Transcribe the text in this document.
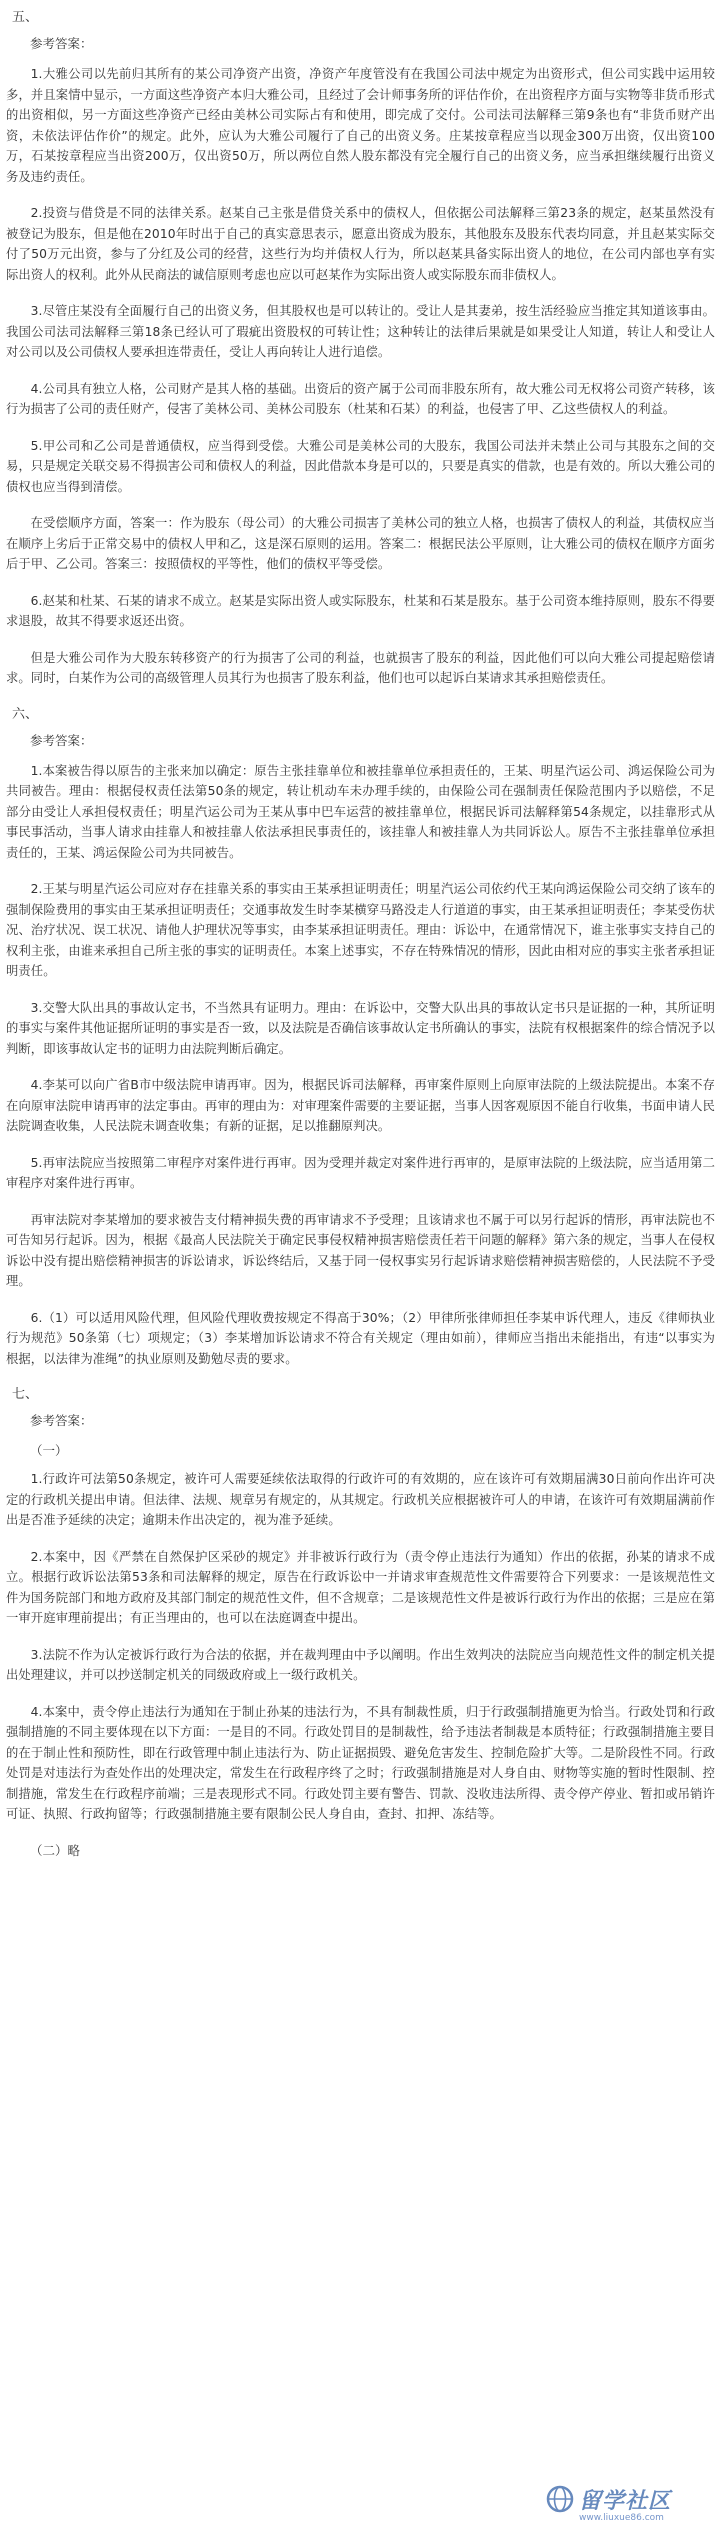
五、
参考答案：

1.大雅公司以先前归其所有的某公司净资产出资，净资产年度管没有在我国公司法中规定为出资形式，但公司实践中运用较多，并且案情中显示，一方面这些净资产本归大雅公司，且经过了会计师事务所的评估作价，在出资程序方面与实物等非货币形式的出资相似，另一方面这些净资产已经由美林公司实际占有和使用，即完成了交付。公司法司法解释三第9条也有“非货币财产出资，未依法评估作价”的规定。此外，应认为大雅公司履行了自己的出资义务。庄某按章程应当以现金300万出资，仅出资100万，石某按章程应当出资200万，仅出资50万，所以两位自然人股东都没有完全履行自己的出资义务，应当承担继续履行出资义务及违约责任。

2.投资与借贷是不同的法律关系。赵某自己主张是借贷关系中的债权人，但依据公司法解释三第23条的规定，赵某虽然没有被登记为股东，但是他在2010年时出于自己的真实意思表示，愿意出资成为股东，其他股东及股东代表均同意，并且赵某实际交付了50万元出资，参与了分红及公司的经营，这些行为均并债权人行为，所以赵某具备实际出资人的地位，在公司内部也享有实际出资人的权利。此外从民商法的诚信原则考虑也应以可赵某作为实际出资人或实际股东而非债权人。

3.尽管庄某没有全面履行自己的出资义务，但其股权也是可以转让的。受让人是其妻弟，按生活经验应当推定其知道该事由。我国公司法司法解释三第18条已经认可了瑕疵出资股权的可转让性；这种转让的法律后果就是如果受让人知道，转让人和受让人对公司以及公司债权人要承担连带责任，受让人再向转让人进行追偿。

4.公司具有独立人格，公司财产是其人格的基础。出资后的资产属于公司而非股东所有，故大雅公司无权将公司资产转移，该行为损害了公司的责任财产，侵害了美林公司、美林公司股东（杜某和石某）的利益，也侵害了甲、乙这些债权人的利益。

5.甲公司和乙公司是普通债权，应当得到受偿。大雅公司是美林公司的大股东，我国公司法并未禁止公司与其股东之间的交易，只是规定关联交易不得损害公司和债权人的利益，因此借款本身是可以的，只要是真实的借款，也是有效的。所以大雅公司的债权也应当得到清偿。

在受偿顺序方面，答案一：作为股东（母公司）的大雅公司损害了美林公司的独立人格，也损害了债权人的利益，其债权应当在顺序上劣后于正常交易中的债权人甲和乙，这是深石原则的运用。答案二：根据民法公平原则，让大雅公司的债权在顺序方面劣后于甲、乙公司。答案三：按照债权的平等性，他们的债权平等受偿。

6.赵某和杜某、石某的请求不成立。赵某是实际出资人或实际股东，杜某和石某是股东。基于公司资本维持原则，股东不得要求退股，故其不得要求返还出资。

但是大雅公司作为大股东转移资产的行为损害了公司的利益，也就损害了股东的利益，因此他们可以向大雅公司提起赔偿请求。同时，白某作为公司的高级管理人员其行为也损害了股东利益，他们也可以起诉白某请求其承担赔偿责任。

六、
参考答案：

1.本案被告得以原告的主张来加以确定：原告主张挂靠单位和被挂靠单位承担责任的，王某、明星汽运公司、鸿运保险公司为共同被告。理由：根据侵权责任法第50条的规定，转让机动车未办理手续的，由保险公司在强制责任保险范围内予以赔偿，不足部分由受让人承担侵权责任；明星汽运公司为王某从事中巴车运营的被挂靠单位，根据民诉司法解释第54条规定，以挂靠形式从事民事活动，当事人请求由挂靠人和被挂靠人依法承担民事责任的，该挂靠人和被挂靠人为共同诉讼人。原告不主张挂靠单位承担责任的，王某、鸿运保险公司为共同被告。

2.王某与明星汽运公司应对存在挂靠关系的事实由王某承担证明责任；明星汽运公司依约代王某向鸿运保险公司交纳了该车的强制保险费用的事实由王某承担证明责任；交通事故发生时李某横穿马路没走人行道道的事实，由王某承担证明责任；李某受伤状况、治疗状况、误工状况、请他人护理状况等事实，由李某承担证明责任。理由：诉讼中，在通常情况下，谁主张事实支持自己的权利主张，由谁来承担自己所主张的事实的证明责任。本案上述事实，不存在特殊情况的情形，因此由相对应的事实主张者承担证明责任。

3.交警大队出具的事故认定书，不当然具有证明力。理由：在诉讼中，交警大队出具的事故认定书只是证据的一种，其所证明的事实与案件其他证据所证明的事实是否一致，以及法院是否确信该事故认定书所确认的事实，法院有权根据案件的综合情况予以判断，即该事故认定书的证明力由法院判断后确定。

4.李某可以向广省B市中级法院申请再审。因为，根据民诉司法解释，再审案件原则上向原审法院的上级法院提出。本案不存在向原审法院申请再审的法定事由。再审的理由为：对审理案件需要的主要证据，当事人因客观原因不能自行收集，书面申请人民法院调查收集，人民法院未调查收集；有新的证据，足以推翻原判决。

5.再审法院应当按照第二审程序对案件进行再审。因为受理并裁定对案件进行再审的，是原审法院的上级法院，应当适用第二审程序对案件进行再审。

再审法院对李某增加的要求被告支付精神损失费的再审请求不予受理；且该请求也不属于可以另行起诉的情形，再审法院也不可告知另行起诉。因为，根据《最高人民法院关于确定民事侵权精神损害赔偿责任若干问题的解释》第六条的规定，当事人在侵权诉讼中没有提出赔偿精神损害的诉讼请求，诉讼终结后，又基于同一侵权事实另行起诉请求赔偿精神损害赔偿的，人民法院不予受理。

6.（1）可以适用风险代理，但风险代理收费按规定不得高于30%；（2）甲律所张律师担任李某申诉代理人，违反《律师执业行为规范》50条第（七）项规定；（3）李某增加诉讼请求不符合有关规定（理由如前），律师应当指出未能指出，有违“以事实为根据，以法律为准绳”的执业原则及勤勉尽责的要求。

七、
参考答案：
（一）

1.行政许可法第50条规定，被许可人需要延续依法取得的行政许可的有效期的，应在该许可有效期届满30日前向作出许可决定的行政机关提出申请。但法律、法规、规章另有规定的，从其规定。行政机关应根据被许可人的申请，在该许可有效期届满前作出是否准予延续的决定；逾期未作出决定的，视为准予延续。

2.本案中，因《严禁在自然保护区采砂的规定》并非被诉行政行为（责令停止违法行为通知）作出的依据，孙某的请求不成立。根据行政诉讼法第53条和司法解释的规定，原告在行政诉讼中一并请求审查规范性文件需要符合下列要求：一是该规范性文件为国务院部门和地方政府及其部门制定的规范性文件，但不含规章；二是该规范性文件是被诉行政行为作出的依据；三是应在第一审开庭审理前提出；有正当理由的，也可以在法庭调查中提出。

3.法院不作为认定被诉行政行为合法的依据，并在裁判理由中予以阐明。作出生效判决的法院应当向规范性文件的制定机关提出处理建议，并可以抄送制定机关的同级政府或上一级行政机关。

4.本案中，责令停止违法行为通知在于制止孙某的违法行为，不具有制裁性质，归于行政强制措施更为恰当。行政处罚和行政强制措施的不同主要体现在以下方面：一是目的不同。行政处罚目的是制裁性，给予违法者制裁是本质特征；行政强制措施主要目的在于制止性和预防性，即在行政管理中制止违法行为、防止证据损毁、避免危害发生、控制危险扩大等。二是阶段性不同。行政处罚是对违法行为查处作出的处理决定，常发生在行政程序终了之时；行政强制措施是对人身自由、财物等实施的暂时性限制、控制措施，常发生在行政程序前端；三是表现形式不同。行政处罚主要有警告、罚款、没收违法所得、责令停产停业、暂扣或吊销许可证、执照、行政拘留等；行政强制措施主要有限制公民人身自由，查封、扣押、冻结等。

（二）略
留学社区
www.liuxue86.com
